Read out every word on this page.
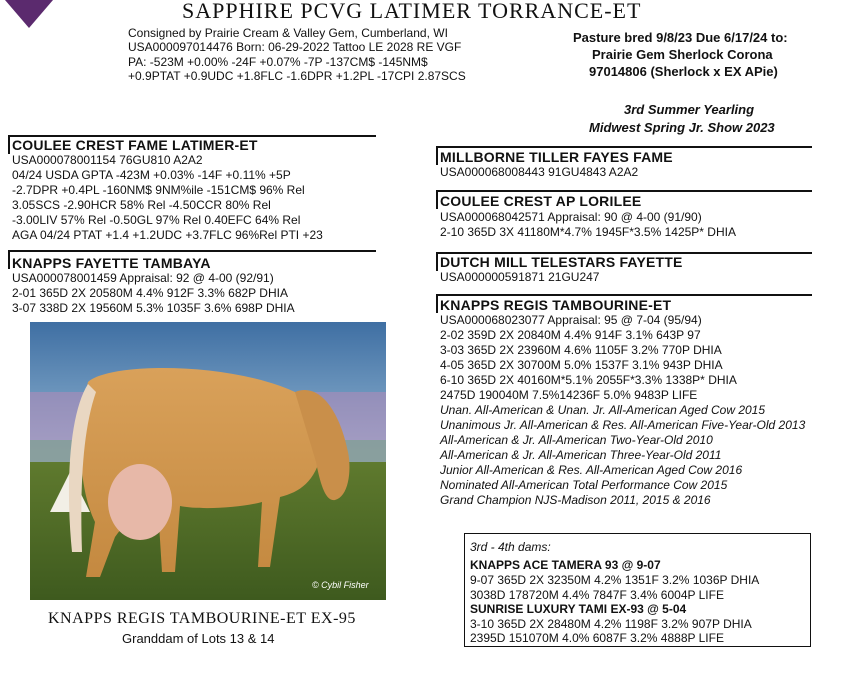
SAPPHIRE PCVG LATIMER TORRANCE-ET
Consigned by Prairie Cream & Valley Gem, Cumberland, WI
USA000097014476 Born: 06-29-2022 Tattoo LE 2028 RE VGF
PA: -523M +0.00% -24F +0.07% -7P -137CM$ -145NM$
+0.9PTAT +0.9UDC +1.8FLC -1.6DPR +1.2PL -17CPI 2.87SCS
Pasture bred 9/8/23 Due 6/17/24 to:
Prairie Gem Sherlock Corona
97014806 (Sherlock x EX APie)
3rd Summer Yearling
Midwest Spring Jr. Show 2023
COULEE CREST FAME LATIMER-ET
USA000078001154 76GU810 A2A2
04/24 USDA GPTA -423M +0.03% -14F +0.11% +5P
-2.7DPR +0.4PL -160NM$ 9NM%ile -151CM$ 96% Rel
3.05SCS -2.90HCR 58% Rel -4.50CCR 80% Rel
-3.00LIV 57% Rel -0.50GL 97% Rel 0.40EFC 64% Rel
AGA 04/24 PTAT +1.4 +1.2UDC +3.7FLC 96%Rel PTI +23
KNAPPS FAYETTE TAMBAYA
USA000078001459 Appraisal: 92 @ 4-00 (92/91)
2-01 365D 2X 20580M 4.4% 912F 3.3% 682P DHIA
3-07 338D 2X 19560M 5.3% 1035F 3.6% 698P DHIA
MILLBORNE TILLER FAYES FAME
USA000068008443 91GU4843 A2A2
COULEE CREST AP LORILEE
USA000068042571 Appraisal: 90 @ 4-00 (91/90)
2-10 365D 3X 41180M*4.7% 1945F*3.5% 1425P* DHIA
DUTCH MILL TELESTARS FAYETTE
USA000000591871 21GU247
KNAPPS REGIS TAMBOURINE-ET
USA000068023077 Appraisal: 95 @ 7-04 (95/94)
2-02 359D 2X 20840M 4.4% 914F 3.1% 643P 97
3-03 365D 2X 23960M 4.6% 1105F 3.2% 770P DHIA
4-05 365D 2X 30700M 5.0% 1537F 3.1% 943P DHIA
6-10 365D 2X 40160M*5.1% 2055F*3.3% 1338P* DHIA
2475D 190040M 7.5%14236F 5.0% 9483P LIFE
Unan. All-American & Unan. Jr. All-American Aged Cow 2015
Unanimous Jr. All-American & Res. All-American Five-Year-Old 2013
All-American & Jr. All-American Two-Year-Old 2010
All-American & Jr. All-American Three-Year-Old 2011
Junior All-American & Res. All-American Aged Cow 2016
Nominated All-American Total Performance Cow 2015
Grand Champion NJS-Madison 2011, 2015 & 2016
© Cybil Fisher
KNAPPS REGIS TAMBOURINE-ET EX-95
Granddam of Lots 13 & 14
3rd - 4th dams:
KNAPPS ACE TAMERA 93 @ 9-07
9-07 365D 2X 32350M 4.2% 1351F 3.2% 1036P DHIA
3038D 178720M 4.4% 7847F 3.4% 6004P LIFE
SUNRISE LUXURY TAMI EX-93 @ 5-04
3-10 365D 2X 28480M 4.2% 1198F 3.2% 907P DHIA
2395D 151070M 4.0% 6087F 3.2% 4888P LIFE
